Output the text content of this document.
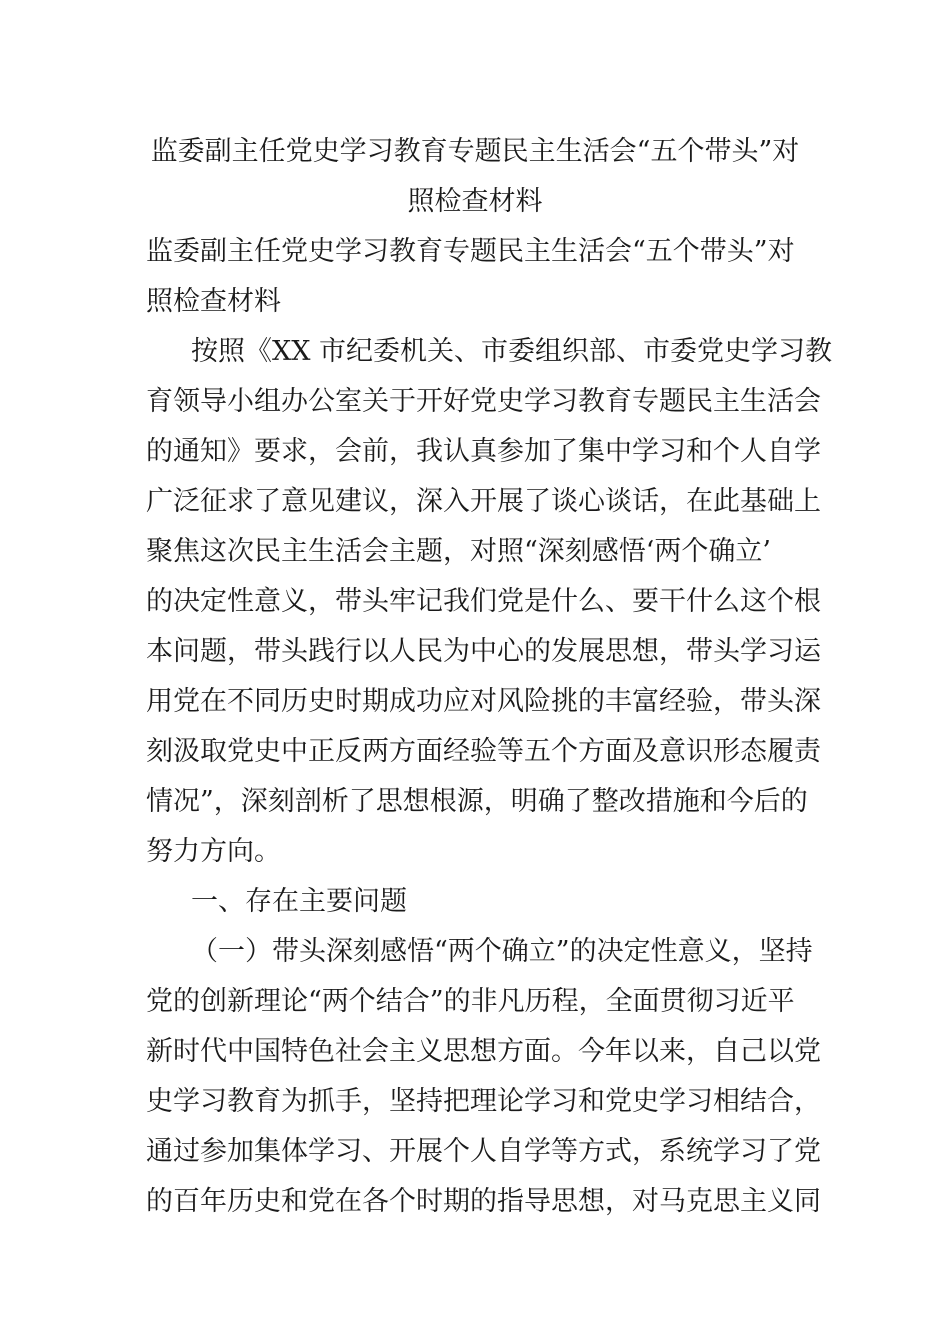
监委副主任党史学习教育专题民主生活会“五个带头”对
照检查材料
监委副主任党史学习教育专题民主生活会“五个带头”对
照检查材料
按照《XX 市纪委机关、市委组织部、市委党史学习教
育领导小组办公室关于开好党史学习教育专题民主生活会
的通知》要求，会前，我认真参加了集中学习和个人自学
广泛征求了意见建议，深入开展了谈心谈话，在此基础上
聚焦这次民主生活会主题，对照“深刻感悟‘两个确立’
的决定性意义，带头牢记我们党是什么、要干什么这个根
本问题，带头践行以人民为中心的发展思想，带头学习运
用党在不同历史时期成功应对风险挑的丰富经验，带头深
刻汲取党史中正反两方面经验等五个方面及意识形态履责
情况”，深刻剖析了思想根源，明确了整改措施和今后的
努力方向。
一、存在主要问题
（一）带头深刻感悟“两个确立”的决定性意义，坚持
党的创新理论“两个结合”的非凡历程，全面贯彻习近平
新时代中国特色社会主义思想方面。今年以来，自己以党
史学习教育为抓手，坚持把理论学习和党史学习相结合，
通过参加集体学习、开展个人自学等方式，系统学习了党
的百年历史和党在各个时期的指导思想，对马克思主义同
